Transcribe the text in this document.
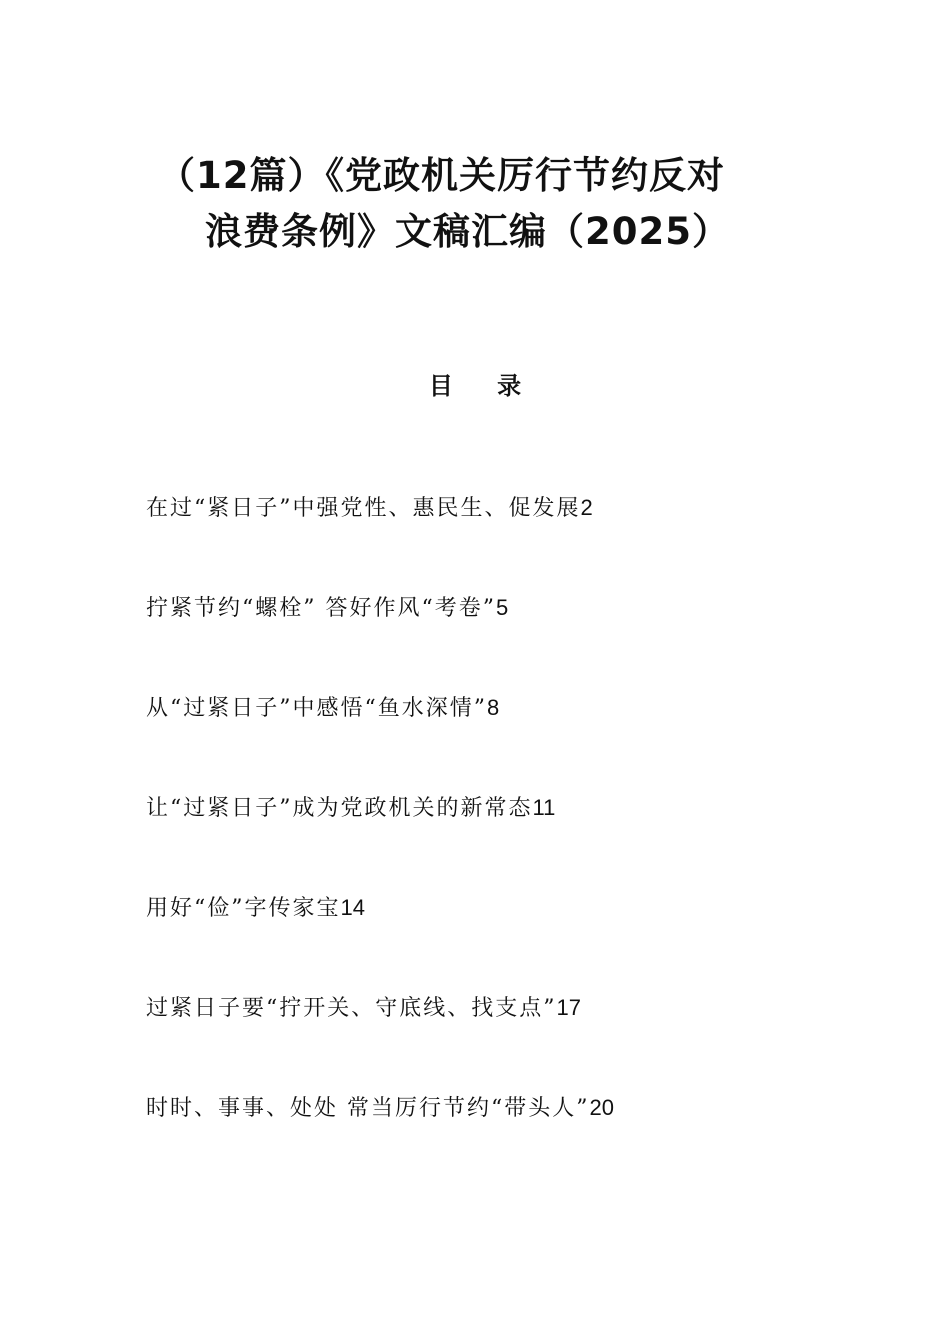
（12篇）《党政机关厉行节约反对
浪费条例》文稿汇编（2025）
目 录
在过“紧日子”中强党性、惠民生、促发展2
拧紧节约“螺栓” 答好作风“考卷”5
从“过紧日子”中感悟“鱼水深情”8
让“过紧日子”成为党政机关的新常态11
用好“俭”字传家宝14
过紧日子要“拧开关、守底线、找支点”17
时时、事事、处处 常当厉行节约“带头人”20
